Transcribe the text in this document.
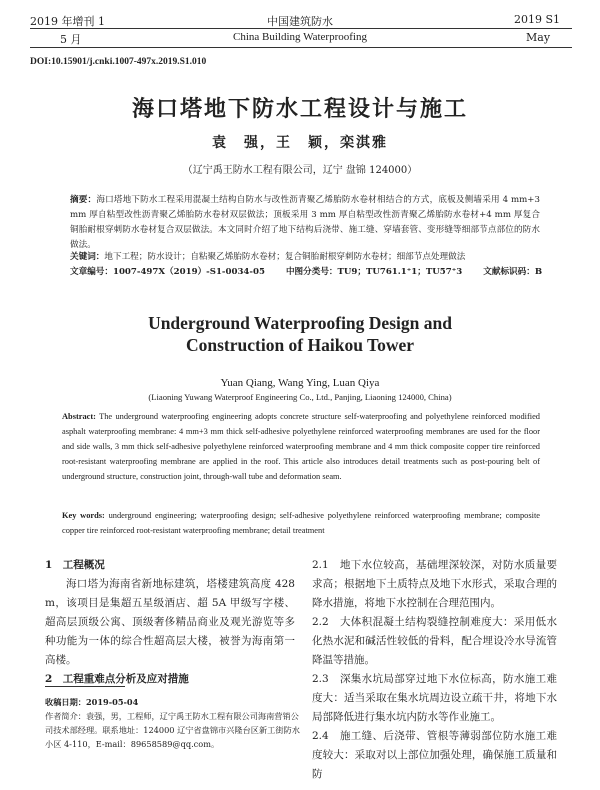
2019 年增刊 1
5 月
中国建筑防水
China Building Waterproofing
2019 S1
May
DOI:10.15901/j.cnki.1007-497x.2019.S1.010
海口塔地下防水工程设计与施工
袁　强，王　颖，栾淇雅
（辽宁禹王防水工程有限公司，辽宁 盘锦 124000）
摘要：海口塔地下防水工程采用混凝土结构自防水与改性沥青聚乙烯胎防水卷材相结合的方式，底板及侧墙采用 4 mm+3 mm 厚自粘型改性沥青聚乙烯胎防水卷材双层做法；顶板采用 3 mm 厚自粘型改性沥青聚乙烯胎防水卷材+4 mm 厚复合铜胎耐根穿刺防水卷材复合双层做法。本文同时介绍了地下结构后浇带、施工缝、穿墙套管、变形缝等细部节点部位的防水做法。
关键词：地下工程；防水设计；自粘聚乙烯胎防水卷材；复合铜胎耐根穿刺防水卷材；细部节点处理做法
文章编号：1007-497X（2019）-S1-0034-05 中图分类号：TU9；TU761.1⁺1；TU57⁺3 文献标识码：B
Underground Waterproofing Design and
Construction of Haikou Tower
Yuan Qiang, Wang Ying, Luan Qiya
(Liaoning Yuwang Waterproof Engineering Co., Ltd., Panjing, Liaoning 124000, China)
Abstract: The underground waterproofing engineering adopts concrete structure self-waterproofing and polyethylene reinforced modified asphalt waterproofing membrane: 4 mm+3 mm thick self-adhesive polyethylene reinforced waterproofing membranes are used for the floor and side walls, 3 mm thick self-adhesive polyethylene reinforced waterproofing membrane and 4 mm thick composite copper tire reinforced root-resistant waterproofing membrane are applied in the roof. This article also introduces detail treatments such as post-pouring belt of underground structure, construction joint, through-wall tube and deformation seam.
Key words: underground engineering; waterproofing design; self-adhesive polyethylene reinforced waterproofing membrane; composite copper tire reinforced root-resistant waterproofing membrane; detail treatment
1　工程概况
海口塔为海南省新地标建筑，塔楼建筑高度 428 m，该项目是集超五星级酒店、超 5A 甲级写字楼、超高层顶级公寓、顶级奢侈精品商业及观光游览等多种功能为一体的综合性超高层大楼，被誉为海南第一高楼。
2　工程重难点分析及应对措施
收稿日期：2019-05-04
作者简介：袁强，男，工程师，辽宁禹王防水工程有限公司海南营销公司技术部经理。联系地址：124000 辽宁省盘锦市兴隆台区新工街防水小区 4-110，E-mail：89658589@qq.com。
2.1　地下水位较高，基础埋深较深，对防水质量要求高；根据地下土质特点及地下水形式，采取合理的降水措施，将地下水控制在合理范围内。
2.2　大体积混凝土结构裂缝控制难度大：采用低水化热水泥和碱活性较低的骨料，配合埋设冷水导流管降温等措施。
2.3　深集水坑局部穿过地下水位标高，防水施工难度大：适当采取在集水坑周边设立疏干井，将地下水局部降低进行集水坑内防水等作业施工。
2.4　施工缝、后浇带、管根等薄弱部位防水施工难度较大：采取对以上部位加强处理，确保施工质量和防
